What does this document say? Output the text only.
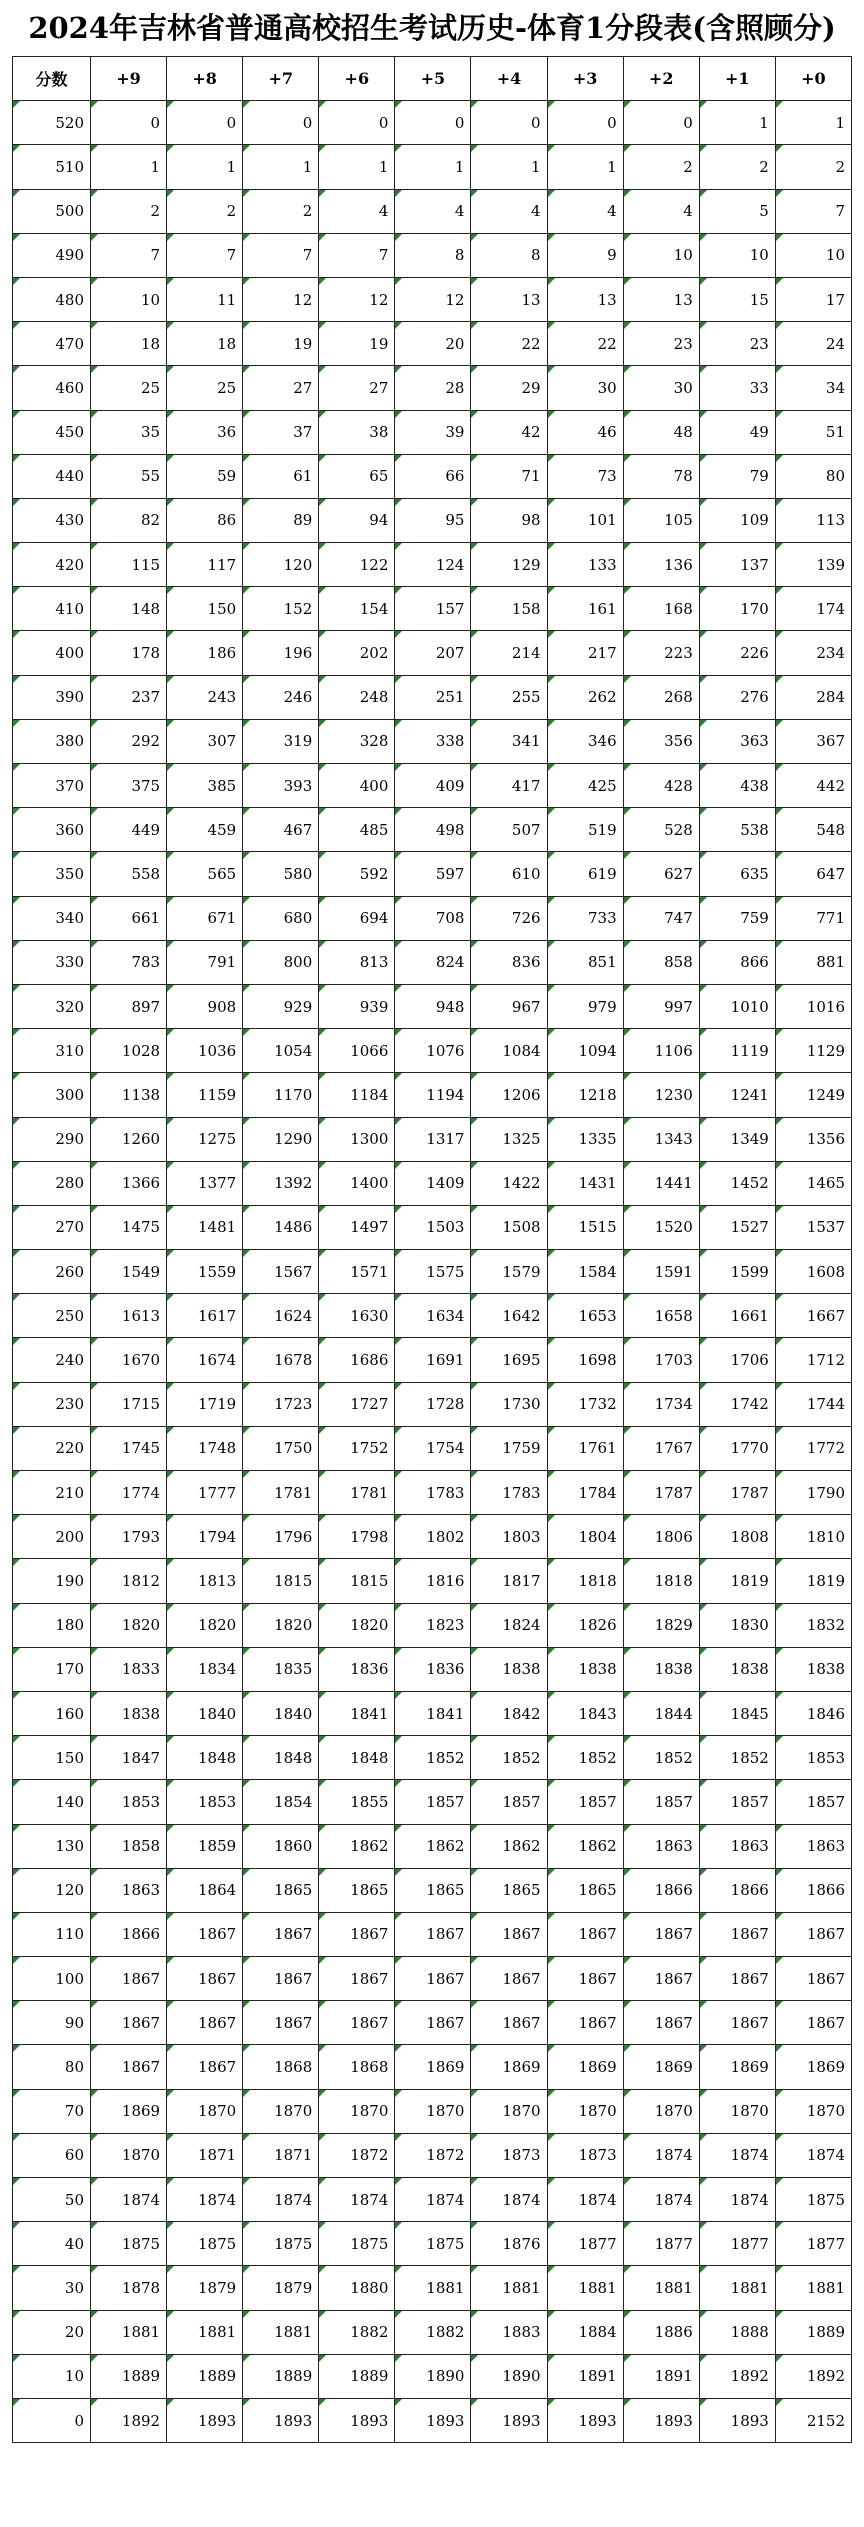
2024年吉林省普通高校招生考试历史-体育1分段表(含照顾分)
分数	+9	+8	+7	+6	+5	+4	+3	+2	+1	+0
520	0	0	0	0	0	0	0	0	1	1
510	1	1	1	1	1	1	1	2	2	2
500	2	2	2	4	4	4	4	4	5	7
490	7	7	7	7	8	8	9	10	10	10
480	10	11	12	12	12	13	13	13	15	17
470	18	18	19	19	20	22	22	23	23	24
460	25	25	27	27	28	29	30	30	33	34
450	35	36	37	38	39	42	46	48	49	51
440	55	59	61	65	66	71	73	78	79	80
430	82	86	89	94	95	98	101	105	109	113
420	115	117	120	122	124	129	133	136	137	139
410	148	150	152	154	157	158	161	168	170	174
400	178	186	196	202	207	214	217	223	226	234
390	237	243	246	248	251	255	262	268	276	284
380	292	307	319	328	338	341	346	356	363	367
370	375	385	393	400	409	417	425	428	438	442
360	449	459	467	485	498	507	519	528	538	548
350	558	565	580	592	597	610	619	627	635	647
340	661	671	680	694	708	726	733	747	759	771
330	783	791	800	813	824	836	851	858	866	881
320	897	908	929	939	948	967	979	997	1010	1016
310	1028	1036	1054	1066	1076	1084	1094	1106	1119	1129
300	1138	1159	1170	1184	1194	1206	1218	1230	1241	1249
290	1260	1275	1290	1300	1317	1325	1335	1343	1349	1356
280	1366	1377	1392	1400	1409	1422	1431	1441	1452	1465
270	1475	1481	1486	1497	1503	1508	1515	1520	1527	1537
260	1549	1559	1567	1571	1575	1579	1584	1591	1599	1608
250	1613	1617	1624	1630	1634	1642	1653	1658	1661	1667
240	1670	1674	1678	1686	1691	1695	1698	1703	1706	1712
230	1715	1719	1723	1727	1728	1730	1732	1734	1742	1744
220	1745	1748	1750	1752	1754	1759	1761	1767	1770	1772
210	1774	1777	1781	1781	1783	1783	1784	1787	1787	1790
200	1793	1794	1796	1798	1802	1803	1804	1806	1808	1810
190	1812	1813	1815	1815	1816	1817	1818	1818	1819	1819
180	1820	1820	1820	1820	1823	1824	1826	1829	1830	1832
170	1833	1834	1835	1836	1836	1838	1838	1838	1838	1838
160	1838	1840	1840	1841	1841	1842	1843	1844	1845	1846
150	1847	1848	1848	1848	1852	1852	1852	1852	1852	1853
140	1853	1853	1854	1855	1857	1857	1857	1857	1857	1857
130	1858	1859	1860	1862	1862	1862	1862	1863	1863	1863
120	1863	1864	1865	1865	1865	1865	1865	1866	1866	1866
110	1866	1867	1867	1867	1867	1867	1867	1867	1867	1867
100	1867	1867	1867	1867	1867	1867	1867	1867	1867	1867
90	1867	1867	1867	1867	1867	1867	1867	1867	1867	1867
80	1867	1867	1868	1868	1869	1869	1869	1869	1869	1869
70	1869	1870	1870	1870	1870	1870	1870	1870	1870	1870
60	1870	1871	1871	1872	1872	1873	1873	1874	1874	1874
50	1874	1874	1874	1874	1874	1874	1874	1874	1874	1875
40	1875	1875	1875	1875	1875	1876	1877	1877	1877	1877
30	1878	1879	1879	1880	1881	1881	1881	1881	1881	1881
20	1881	1881	1881	1882	1882	1883	1884	1886	1888	1889
10	1889	1889	1889	1889	1890	1890	1891	1891	1892	1892
0	1892	1893	1893	1893	1893	1893	1893	1893	1893	2152
